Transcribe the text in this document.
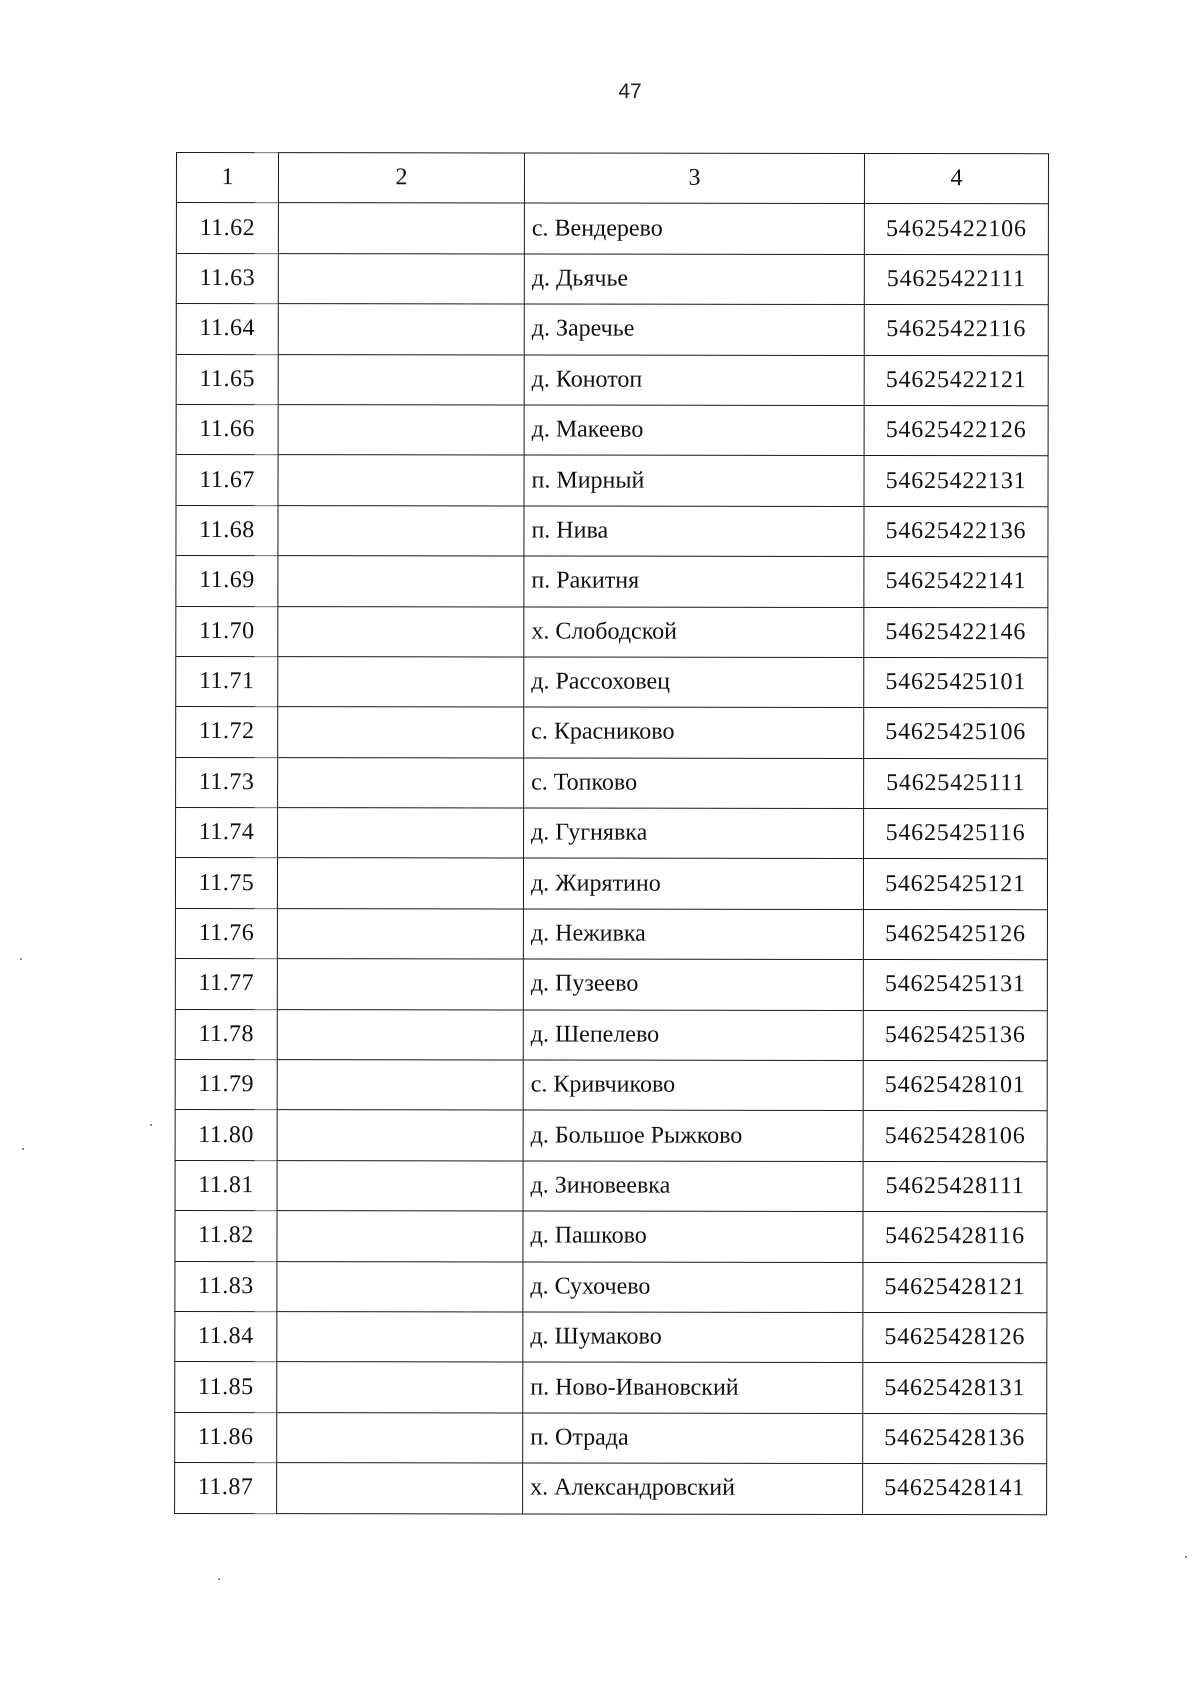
47
1	2	3	4
11.62		с. Вендерево	54625422106
11.63		д. Дьячье	54625422111
11.64		д. Заречье	54625422116
11.65		д. Конотоп	54625422121
11.66		д. Макеево	54625422126
11.67		п. Мирный	54625422131
11.68		п. Нива	54625422136
11.69		п. Ракитня	54625422141
11.70		х. Слободской	54625422146
11.71		д. Рассоховец	54625425101
11.72		с. Красниково	54625425106
11.73		с. Топково	54625425111
11.74		д. Гугнявка	54625425116
11.75		д. Жирятино	54625425121
11.76		д. Неживка	54625425126
11.77		д. Пузеево	54625425131
11.78		д. Шепелево	54625425136
11.79		с. Кривчиково	54625428101
11.80		д. Большое Рыжково	54625428106
11.81		д. Зиновеевка	54625428111
11.82		д. Пашково	54625428116
11.83		д. Сухочево	54625428121
11.84		д. Шумаково	54625428126
11.85		п. Ново-Ивановский	54625428131
11.86		п. Отрада	54625428136
11.87		х. Александровский	54625428141
